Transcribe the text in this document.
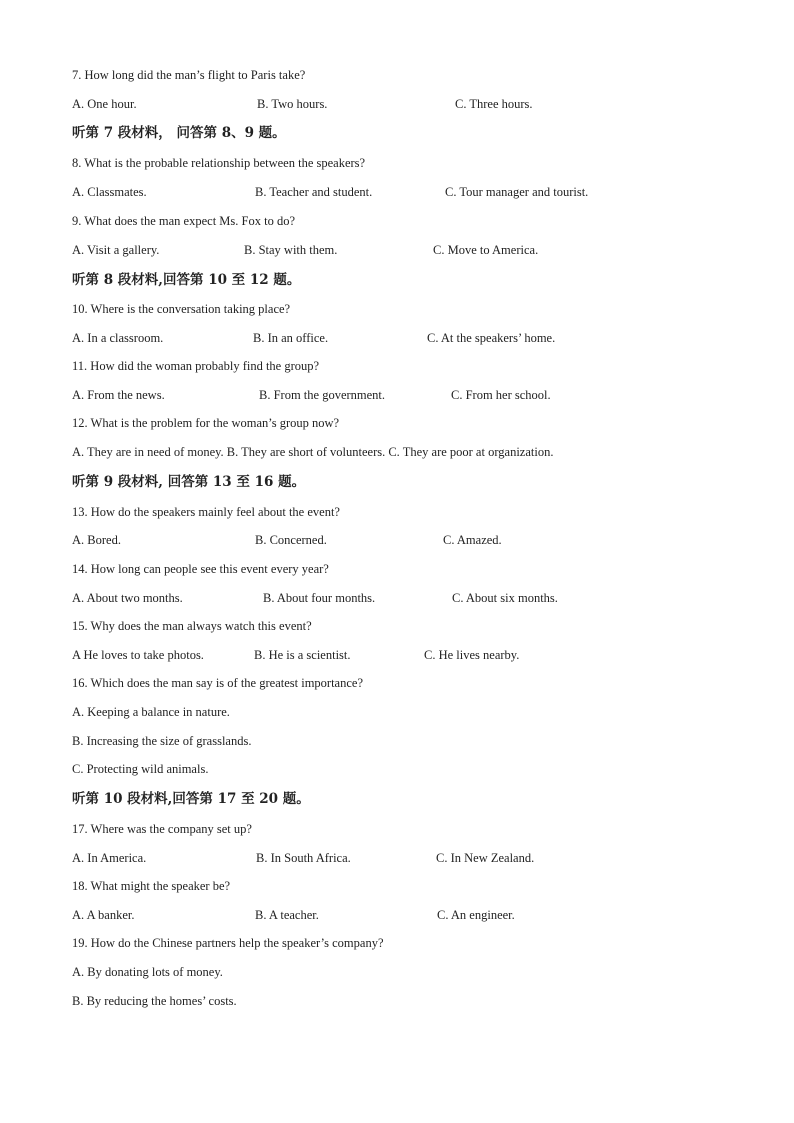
7. How long did the man’s flight to Paris take?
A. One hour.	B. Two hours.	C. Three hours.
听第 7 段材料， 问答第 8、9 题。
8. What is the probable relationship between the speakers?
A. Classmates.	B. Teacher and student.	C. Tour manager and tourist.
9. What does the man expect Ms. Fox to do?
A. Visit a gallery.	B. Stay with them.	C. Move to America.
听第 8 段材料,回答第 10 至 12 题。
10. Where is the conversation taking place?
A. In a classroom.	B. In an office.	C. At the speakers’ home.
11. How did the woman probably find the group?
A. From the news.	B. From the government.	C. From her school.
12. What is the problem for the woman’s group now?
A. They are in need of money. B. They are short of volunteers. C. They are poor at organization.
听第 9 段材料, 回答第 13 至 16 题。
13. How do the speakers mainly feel about the event?
A. Bored.	B. Concerned.	C. Amazed.
14. How long can people see this event every year?
A. About two months.	B. About four months.	C. About six months.
15. Why does the man always watch this event?
A He loves to take photos.	B. He is a scientist.	C. He lives nearby.
16. Which does the man say is of the greatest importance?
A. Keeping a balance in nature.
B. Increasing the size of grasslands.
C. Protecting wild animals.
听第 10 段材料,回答第 17 至 20 题。
17. Where was the company set up?
A. In America.	B. In South Africa.	C. In New Zealand.
18. What might the speaker be?
A. A banker.	B. A teacher.	C. An engineer.
19. How do the Chinese partners help the speaker’s company?
A. By donating lots of money.
B. By reducing the homes’ costs.
